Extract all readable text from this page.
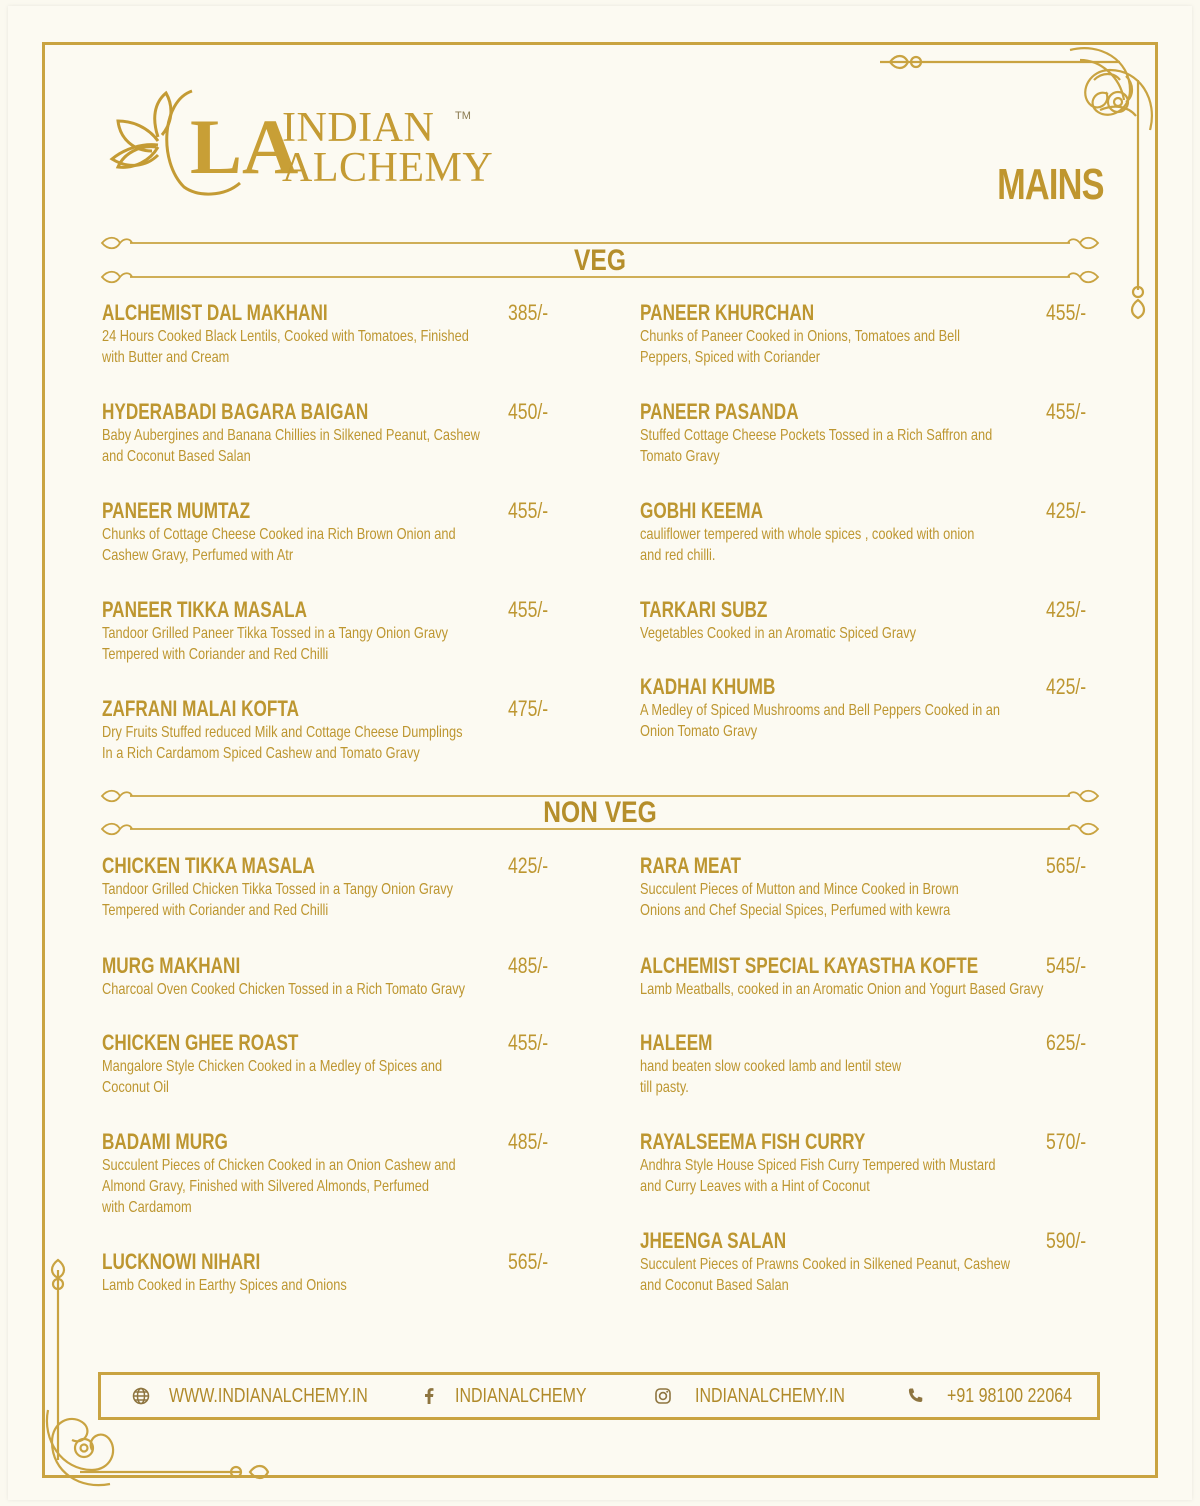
LA
INDIAN
ALCHEMY
TM
MAINS
VEG
NON VEG
ALCHEMIST DAL MAKHANI
24 Hours Cooked Black Lentils, Cooked with Tomatoes, Finished
with Butter and Cream
385/-
HYDERABADI BAGARA BAIGAN
Baby Aubergines and Banana Chillies in Silkened Peanut, Cashew
and Coconut Based Salan
450/-
PANEER MUMTAZ
Chunks of Cottage Cheese Cooked ina Rich Brown Onion and
Cashew Gravy, Perfumed with Atr
455/-
PANEER TIKKA MASALA
Tandoor Grilled Paneer Tikka Tossed in a Tangy Onion Gravy
Tempered with Coriander and Red Chilli
455/-
ZAFRANI MALAI KOFTA
Dry Fruits Stuffed reduced Milk and Cottage Cheese Dumplings
In a Rich Cardamom Spiced Cashew and Tomato Gravy
475/-
PANEER KHURCHAN
Chunks of Paneer Cooked in Onions, Tomatoes and Bell
Peppers, Spiced with Coriander
455/-
PANEER PASANDA
Stuffed Cottage Cheese Pockets Tossed in a Rich Saffron and
Tomato Gravy
455/-
GOBHI KEEMA
cauliflower tempered with whole spices , cooked with onion
and red chilli.
425/-
TARKARI SUBZ
Vegetables Cooked in an Aromatic Spiced Gravy
425/-
KADHAI KHUMB
A Medley of Spiced Mushrooms and Bell Peppers Cooked in an
Onion Tomato Gravy
425/-
CHICKEN TIKKA MASALA
Tandoor Grilled Chicken Tikka Tossed in a Tangy Onion Gravy
Tempered with Coriander and Red Chilli
425/-
MURG MAKHANI
Charcoal Oven Cooked Chicken Tossed in a Rich Tomato Gravy
485/-
CHICKEN GHEE ROAST
Mangalore Style Chicken Cooked in a Medley of Spices and
Coconut Oil
455/-
BADAMI MURG
Succulent Pieces of Chicken Cooked in an Onion Cashew and
Almond Gravy, Finished with Silvered Almonds, Perfumed
with Cardamom
485/-
LUCKNOWI NIHARI
Lamb Cooked in Earthy Spices and Onions
565/-
RARA MEAT
Succulent Pieces of Mutton and Mince Cooked in Brown
Onions and Chef Special Spices, Perfumed with kewra
565/-
ALCHEMIST SPECIAL KAYASTHA KOFTE
Lamb Meatballs, cooked in an Aromatic Onion and Yogurt Based Gravy
545/-
HALEEM
hand beaten slow cooked lamb and lentil stew
till pasty.
625/-
RAYALSEEMA FISH CURRY
Andhra Style House Spiced Fish Curry Tempered with Mustard
and Curry Leaves with a Hint of Coconut
570/-
JHEENGA SALAN
Succulent Pieces of Prawns Cooked in Silkened Peanut, Cashew
and Coconut Based Salan
590/-
WWW.INDIANALCHEMY.IN	INDIANALCHEMY	INDIANALCHEMY.IN	+91 98100 22064
